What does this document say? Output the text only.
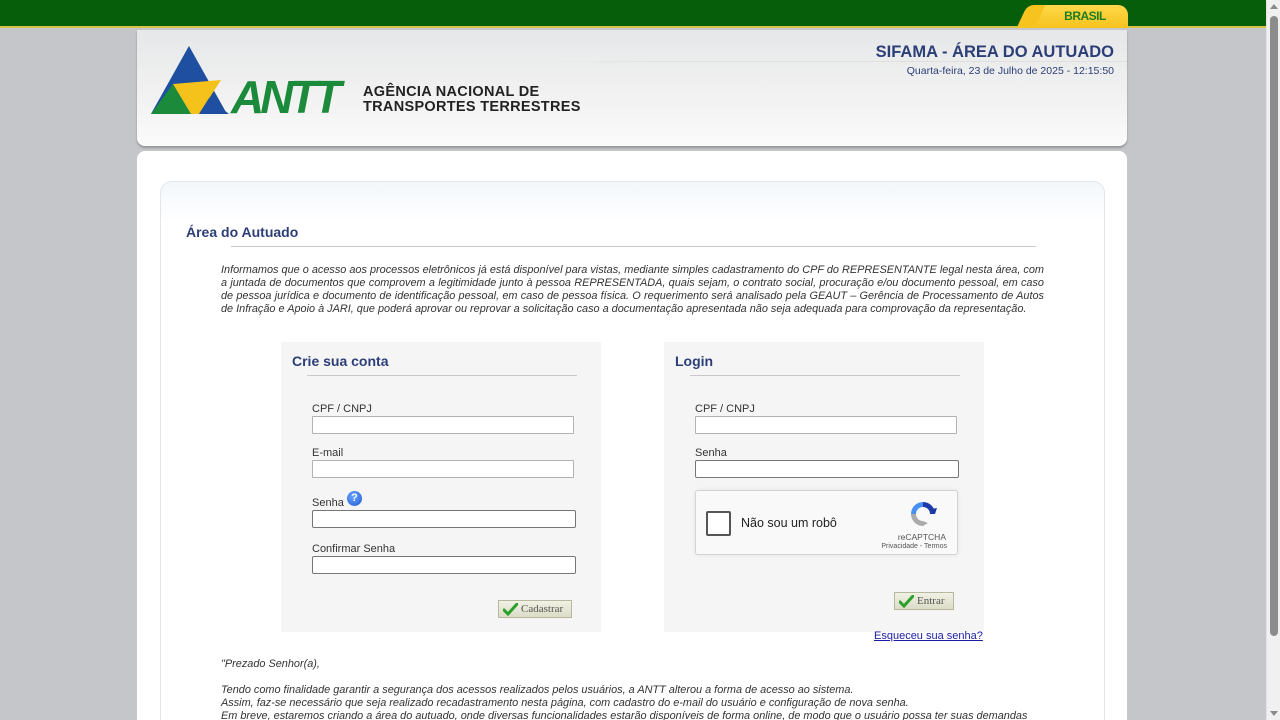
BRASIL
ANTT	AGÊNCIA NACIONAL DE
TRANSPORTES TERRESTRES
SIFAMA - ÁREA DO AUTUADO
Quarta-feira, 23 de Julho de 2025 - 12:15:50
Área do Autuado
Informamos que o acesso aos processos eletrônicos já está disponível para vistas, mediante simples cadastramento do CPF do REPRESENTANTE legal nesta área, com a juntada de documentos que comprovem a legitimidade junto à pessoa REPRESENTADA, quais sejam, o contrato social, procuração e/ou documento pessoal, em caso de pessoa jurídica e documento de identificação pessoal, em caso de pessoa física. O requerimento será analisado pela GEAUT – Gerência de Processamento de Autos de Infração e Apoio à JARI, que poderá aprovar ou reprovar a solicitação caso a documentação apresentada não seja adequada para comprovação da representação.
Crie sua conta
CPF / CNPJ
E-mail
Senha ?
Confirmar Senha
Cadastrar
Login
CPF / CNPJ
Senha
Não sou um robô
reCAPTCHA
Privacidade - Termos
Entrar
Esqueceu sua senha?

"Prezado Senhor(a),

Tendo como finalidade garantir a segurança dos acessos realizados pelos usuários, a ANTT alterou a forma de acesso ao sistema.

Assim, faz-se necessário que seja realizado recadastramento nesta página, com cadastro do e-mail do usuário e configuração de nova senha.

Em breve, estaremos criando a área do autuado, onde diversas funcionalidades estarão disponíveis de forma online, de modo que o usuário possa ter suas demandas
